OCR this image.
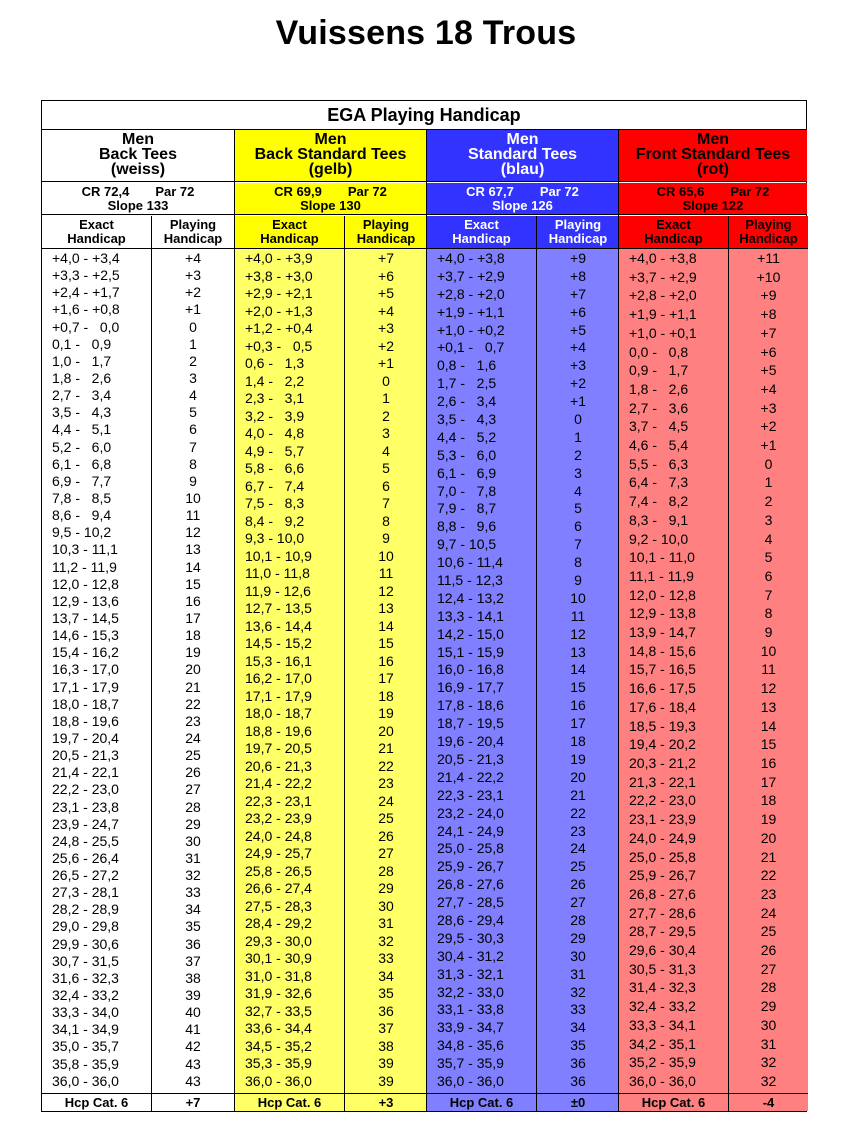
Vuissens 18 Trous
EGA Playing Handicap
Men
Back Tees
(weiss)
CR 72,4 Par 72
Slope 133
Exact
Handicap
+4,0 - +3,4
+3,3 - +2,5
+2,4 - +1,7
+1,6 - +0,8
+0,7 -   0,0
0,1 -   0,9
1,0 -   1,7
1,8 -   2,6
2,7 -   3,4
3,5 -   4,3
4,4 -   5,1
5,2 -   6,0
6,1 -   6,8
6,9 -   7,7
7,8 -   8,5
8,6 -   9,4
9,5 - 10,2
10,3 - 11,1
11,2 - 11,9
12,0 - 12,8
12,9 - 13,6
13,7 - 14,5
14,6 - 15,3
15,4 - 16,2
16,3 - 17,0
17,1 - 17,9
18,0 - 18,7
18,8 - 19,6
19,7 - 20,4
20,5 - 21,3
21,4 - 22,1
22,2 - 23,0
23,1 - 23,8
23,9 - 24,7
24,8 - 25,5
25,6 - 26,4
26,5 - 27,2
27,3 - 28,1
28,2 - 28,9
29,0 - 29,8
29,9 - 30,6
30,7 - 31,5
31,6 - 32,3
32,4 - 33,2
33,3 - 34,0
34,1 - 34,9
35,0 - 35,7
35,8 - 35,9
36,0 - 36,0
Hcp Cat. 6
Playing
Handicap
+4
+3
+2
+1
0
1
2
3
4
5
6
7
8
9
10
11
12
13
14
15
16
17
18
19
20
21
22
23
24
25
26
27
28
29
30
31
32
33
34
35
36
37
38
39
40
41
42
43
43
+7
Men
Back Standard Tees
(gelb)
CR 69,9 Par 72
Slope 130
Exact
Handicap
+4,0 - +3,9
+3,8 - +3,0
+2,9 - +2,1
+2,0 - +1,3
+1,2 - +0,4
+0,3 -   0,5
0,6 -   1,3
1,4 -   2,2
2,3 -   3,1
3,2 -   3,9
4,0 -   4,8
4,9 -   5,7
5,8 -   6,6
6,7 -   7,4
7,5 -   8,3
8,4 -   9,2
9,3 - 10,0
10,1 - 10,9
11,0 - 11,8
11,9 - 12,6
12,7 - 13,5
13,6 - 14,4
14,5 - 15,2
15,3 - 16,1
16,2 - 17,0
17,1 - 17,9
18,0 - 18,7
18,8 - 19,6
19,7 - 20,5
20,6 - 21,3
21,4 - 22,2
22,3 - 23,1
23,2 - 23,9
24,0 - 24,8
24,9 - 25,7
25,8 - 26,5
26,6 - 27,4
27,5 - 28,3
28,4 - 29,2
29,3 - 30,0
30,1 - 30,9
31,0 - 31,8
31,9 - 32,6
32,7 - 33,5
33,6 - 34,4
34,5 - 35,2
35,3 - 35,9
36,0 - 36,0
Hcp Cat. 6
Playing
Handicap
+7
+6
+5
+4
+3
+2
+1
0
1
2
3
4
5
6
7
8
9
10
11
12
13
14
15
16
17
18
19
20
21
22
23
24
25
26
27
28
29
30
31
32
33
34
35
36
37
38
39
39
+3
Men
Standard Tees
(blau)
CR 67,7 Par 72
Slope 126
Exact
Handicap
+4,0 - +3,8
+3,7 - +2,9
+2,8 - +2,0
+1,9 - +1,1
+1,0 - +0,2
+0,1 -   0,7
0,8 -   1,6
1,7 -   2,5
2,6 -   3,4
3,5 -   4,3
4,4 -   5,2
5,3 -   6,0
6,1 -   6,9
7,0 -   7,8
7,9 -   8,7
8,8 -   9,6
9,7 - 10,5
10,6 - 11,4
11,5 - 12,3
12,4 - 13,2
13,3 - 14,1
14,2 - 15,0
15,1 - 15,9
16,0 - 16,8
16,9 - 17,7
17,8 - 18,6
18,7 - 19,5
19,6 - 20,4
20,5 - 21,3
21,4 - 22,2
22,3 - 23,1
23,2 - 24,0
24,1 - 24,9
25,0 - 25,8
25,9 - 26,7
26,8 - 27,6
27,7 - 28,5
28,6 - 29,4
29,5 - 30,3
30,4 - 31,2
31,3 - 32,1
32,2 - 33,0
33,1 - 33,8
33,9 - 34,7
34,8 - 35,6
35,7 - 35,9
36,0 - 36,0
Hcp Cat. 6
Playing
Handicap
+9
+8
+7
+6
+5
+4
+3
+2
+1
0
1
2
3
4
5
6
7
8
9
10
11
12
13
14
15
16
17
18
19
20
21
22
23
24
25
26
27
28
29
30
31
32
33
34
35
36
36
±0
Men
Front Standard Tees
(rot)
CR 65,6 Par 72
Slope 122
Exact
Handicap
+4,0 - +3,8
+3,7 - +2,9
+2,8 - +2,0
+1,9 - +1,1
+1,0 - +0,1
0,0 -   0,8
0,9 -   1,7
1,8 -   2,6
2,7 -   3,6
3,7 -   4,5
4,6 -   5,4
5,5 -   6,3
6,4 -   7,3
7,4 -   8,2
8,3 -   9,1
9,2 - 10,0
10,1 - 11,0
11,1 - 11,9
12,0 - 12,8
12,9 - 13,8
13,9 - 14,7
14,8 - 15,6
15,7 - 16,5
16,6 - 17,5
17,6 - 18,4
18,5 - 19,3
19,4 - 20,2
20,3 - 21,2
21,3 - 22,1
22,2 - 23,0
23,1 - 23,9
24,0 - 24,9
25,0 - 25,8
25,9 - 26,7
26,8 - 27,6
27,7 - 28,6
28,7 - 29,5
29,6 - 30,4
30,5 - 31,3
31,4 - 32,3
32,4 - 33,2
33,3 - 34,1
34,2 - 35,1
35,2 - 35,9
36,0 - 36,0
Hcp Cat. 6
Playing
Handicap
+11
+10
+9
+8
+7
+6
+5
+4
+3
+2
+1
0
1
2
3
4
5
6
7
8
9
10
11
12
13
14
15
16
17
18
19
20
21
22
23
24
25
26
27
28
29
30
31
32
32
-4
